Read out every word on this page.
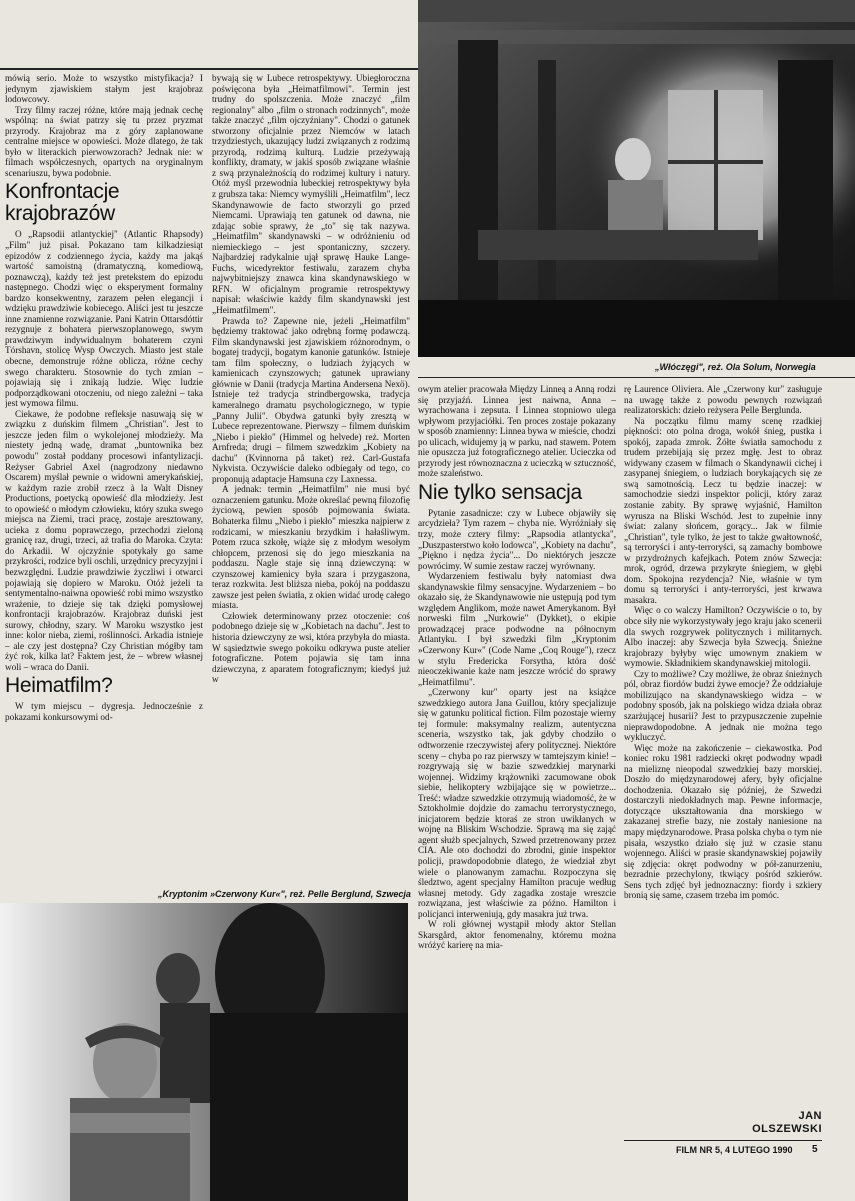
„Włóczęgi", reż. Ola Solum, Norwegia
„Kryptonim »Czerwony Kur«", reż. Pelle Berglund, Szwecja

mówią serio. Może to wszystko mistyfikacja? I jedynym zjawiskiem stałym jest krajobraz lodowcowy.

Trzy filmy raczej różne, które mają jednak cechę wspólną: na świat patrzy się tu przez pryzmat przyrody. Krajobraz ma z góry zaplanowane centralne miejsce w opowieści. Może dlatego, że tak było w literackich pierwowzorach? Jednak nie: w filmach współczesnych, opartych na oryginalnym scenariuszu, bywa podobnie.

Konfrontacje krajobrazów

O „Rapsodii atlantyckiej" (Atlantic Rhapsody) „Film" już pisał. Pokazano tam kilkadziesiąt epizodów z codziennego życia, każdy ma jakąś wartość samoistną (dramatyczną, komediową, poznawczą), każdy też jest pretekstem do epizodu następnego. Chodzi więc o eksperyment formalny bardzo konsekwentny, zarazem pełen elegancji i wdzięku prawdziwie kobiecego. Aliści jest tu jeszcze inne znamienne rozwiązanie. Pani Katrin Ottarsdóttir rezygnuje z bohatera pierwszoplanowego, swym prawdziwym indywidualnym bohaterem czyni Tórshavn, stolicę Wysp Owczych. Miasto jest stale obecne, demonstruje różne oblicza, różne cechy swego charakteru. Stosownie do tych zmian – pojawiają się i znikają ludzie. Więc ludzie podporządkowani otoczeniu, od niego zależni – taka jest wymowa filmu.

Ciekawe, że podobne refleksje nasuwają się w związku z duńskim filmem „Christian". Jest to jeszcze jeden film o wykolejonej młodzieży. Ma niestety jedną wadę, dramat „buntownika bez powodu" został poddany procesowi infantylizacji. Reżyser Gabriel Axel (nagrodzony niedawno Oscarem) myślał pewnie o widowni amerykańskiej, w każdym razie zrobił rzecz à la Walt Disney Productions, poetycką opowieść dla młodzieży. Jest to opowieść o młodym człowieku, który szuka swego miejsca na Ziemi, traci pracę, zostaje aresztowany, ucieka z domu poprawczego, przechodzi zieloną granicę raz, drugi, trzeci, aż trafia do Maroka. Czyta: do Arkadii. W ojczyźnie spotykały go same przykrości, rodzice byli oschli, urzędnicy precyzyjni i bezwzględni. Ludzie prawdziwie życzliwi i otwarci pojawiają się dopiero w Maroku. Otóż jeżeli ta sentymentalno-naiwna opowieść robi mimo wszystko wrażenie, to dzieje się tak dzięki pomysłowej konfrontacji krajobrazów. Krajobraz duński jest surowy, chłodny, szary. W Maroku wszystko jest inne: kolor nieba, ziemi, roślinności. Arkadia istnieje – ale czy jest dostępna? Czy Christian mógłby tam żyć rok, kilka lat? Faktem jest, że – wbrew własnej woli – wraca do Danii.

Heimatfilm?

W tym miejscu – dygresja. Jednocześnie z pokazami konkursowymi od-

bywają się w Lubece retrospektywy. Ubiegłoroczna poświęcona była „Heimatfilmowi". Termin jest trudny do spolszczenia. Może znaczyć „film regionalny" albo „film o stronach rodzinnych", może także znaczyć „film ojczyźniany". Chodzi o gatunek stworzony oficjalnie przez Niemców w latach trzydziestych, ukazujący ludzi związanych z rodzimą przyrodą, rodzimą kulturą. Ludzie przeżywają konflikty, dramaty, w jakiś sposób związane właśnie z swą przynależnością do rodzimej kultury i natury. Otóż myśl przewodnia lubeckiej retrospektywy była z grubsza taka: Niemcy wymyślili „Heimatfilm", lecz Skandynawowie de facto stworzyli go przed Niemcami. Uprawiają ten gatunek od dawna, nie zdając sobie sprawy, że „to" się tak nazywa. „Heimatfilm" skandynawski – w odróżnieniu od niemieckiego – jest spontaniczny, szczery. Najbardziej radykalnie ujął sprawę Hauke Lange-Fuchs, wicedyrektor festiwalu, zarazem chyba najwybitniejszy znawca kina skandynawskiego w RFN. W oficjalnym programie retrospektywy napisał: właściwie każdy film skandynawski jest „Heimatfilmem".

Prawda to? Zapewne nie, jeżeli „Heimatfilm" będziemy traktować jako odrębną formę podawczą. Film skandynawski jest zjawiskiem różnorodnym, o bogatej tradycji, bogatym kanonie gatunków. Istnieje tam film społeczny, o ludziach żyjących w kamienicach czynszowych; gatunek uprawiany głównie w Danii (tradycja Martina Andersena Nexö). Istnieje też tradycja strindbergowska, tradycja kameralnego dramatu psychologicznego, w typie „Panny Julii". Obydwa gatunki były zresztą w Lubece reprezentowane. Pierwszy – filmem duńskim „Niebo i piekło" (Himmel og helvede) reż. Morten Arnfreda; drugi – filmem szwedzkim „Kobiety na dachu" (Kvinnorna på taket) reż. Carl-Gustafa Nykvista. Oczywiście daleko odbiegały od tego, co proponują adaptacje Hamsuna czy Laxnessa.

A jednak: termin „Heimatfilm" nie musi być oznaczeniem gatunku. Może określać pewną filozofię życiową, pewien sposób pojmowania świata. Bohaterka filmu „Niebo i piekło" mieszka najpierw z rodzicami, w mieszkaniu brzydkim i hałaśliwym. Potem rzuca szkołę, wiąże się z młodym wesołym chłopcem, przenosi się do jego mieszkania na poddaszu. Nagle staje się inną dziewczyną: w czynszowej kamienicy była szara i przygaszona, teraz rozkwita. Jest bliższa nieba, pokój na poddaszu zawsze jest pełen światła, z okien widać urodę całego miasta.

Człowiek determinowany przez otoczenie: coś podobnego dzieje się w „Kobietach na dachu". Jest to historia dziewczyny ze wsi, która przybyła do miasta. W sąsiedztwie swego pokoiku odkrywa puste atelier fotograficzne. Potem pojawia się tam inna dziewczyna, z aparatem fotograficznym; kiedyś już w

owym atelier pracowała Między Linneą a Anną rodzi się przyjaźń. Linnea jest naiwna, Anna – wyrachowana i zepsuta. I Linnea stopniowo ulega wpływom przyjaciółki. Ten proces zostaje pokazany w sposób znamienny: Linnea bywa w mieście, chodzi po ulicach, widujemy ją w parku, nad stawem. Potem nie opuszcza już fotograficznego atelier. Ucieczka od przyrody jest równoznaczna z ucieczką w sztuczność, może szaleństwo.

Nie tylko sensacja

Pytanie zasadnicze: czy w Lubece objawiły się arcydzieła? Tym razem – chyba nie. Wyróżniały się trzy, może cztery filmy: „Rapsodia atlantycka", „Duszpasterstwo koło lodowca", „Kobiety na dachu", „Piękno i nędza życia"... Do niektórych jeszcze powrócimy. W sumie zestaw raczej wyrównany.

Wydarzeniem festiwalu były natomiast dwa skandynawskie filmy sensacyjne. Wydarzeniem – bo okazało się, że Skandynawowie nie ustępują pod tym względem Anglikom, może nawet Amerykanom. Był norweski film „Nurkowie" (Dykket), o ekipie prowadzącej prace podwodne na północnym Atlantyku. I był szwedzki film „Kryptonim »Czerwony Kur«" (Code Name „Coq Rouge"), rzecz w stylu Fredericka Forsytha, która dość nieoczekiwanie każe nam jeszcze wrócić do sprawy „Heimatfilmu".

„Czerwony kur" oparty jest na książce szwedzkiego autora Jana Guillou, który specjalizuje się w gatunku political fiction. Film pozostaje wierny tej formule: maksymalny realizm, autentyczna sceneria, wszystko tak, jak gdyby chodziło o odtworzenie rzeczywistej afery politycznej. Niektóre sceny – chyba po raz pierwszy w tamtejszym kinie! – rozgrywają się w bazie szwedzkiej marynarki wojennej. Widzimy krążowniki zacumowane obok siebie, helikoptery wzbijające się w powietrze... Treść: władze szwedzkie otrzymują wiadomość, że w Sztokholmie dojdzie do zamachu terrorystycznego, inicjatorem będzie ktoraś ze stron uwikłanych w wojnę na Bliskim Wschodzie. Sprawą ma się zająć agent służb specjalnych, Szwed przetrenowany przez CIA. Ale oto dochodzi do zbrodni, ginie inspektor policji, prawdopodobnie dlatego, że wiedział zbyt wiele o planowanym zamachu. Rozpoczyna się śledztwo, agent specjalny Hamilton pracuje według własnej metody. Gdy zagadka zostaje wreszcie rozwiązana, jest właściwie za późno. Hamilton i policjanci interweniują, gdy masakra już trwa.

W roli głównej wystąpił młody aktor Stellan Skarsgård, aktor fenomenalny, któremu można wróżyć karierę na mia-

rę Laurence Oliviera. Ale „Czerwony kur" zasługuje na uwagę także z powodu pewnych rozwiązań realizatorskich: dzieło reżysera Pelle Berglunda.

Na początku filmu mamy scenę rzadkiej piękności: oto polna droga, wokół śnieg, pustka i spokój, zapada zmrok. Żółte światła samochodu z trudem przebijają się przez mgłę. Jest to obraz widywany czasem w filmach o Skandynawii cichej i zasypanej śniegiem, o ludziach borykających się ze swą samotnością. Lecz tu będzie inaczej: w samochodzie siedzi inspektor policji, który zaraz zostanie zabity. By sprawę wyjaśnić, Hamilton wyrusza na Bliski Wschód. Jest to zupełnie inny świat: zalany słońcem, gorący... Jak w filmie „Christian", tyle tylko, że jest to także gwałtowność, są terroryści i anty-terroryści, są zamachy bombowe w przydrożnych kafejkach. Potem znów Szwecja: mrok, ogród, drzewa przykryte śniegiem, w głębi dom. Spokojna rezydencja? Nie, właśnie w tym domu są terroryści i anty-terroryści, jest krwawa masakra.

Więc o co walczy Hamilton? Oczywiście o to, by obce siły nie wykorzystywały jego kraju jako scenerii dla swych rozgrywek politycznych i militarnych. Albo inaczej: aby Szwecja była Szwecją. Śnieżne krajobrazy byłyby więc umownym znakiem w wymowie. Składnikiem skandynawskiej mitologii.

Czy to możliwe? Czy możliwe, że obraz śnieżnych pól, obraz fiordów budzi żywe emocje? Że oddziałuje mobilizująco na skandynawskiego widza – w podobny sposób, jak na polskiego widza działa obraz szarżującej husarii? Jest to przypuszczenie zupełnie nieprawdopodobne. A jednak nie można tego wykluczyć.

Więc może na zakończenie – ciekawostka. Pod koniec roku 1981 radziecki okręt podwodny wpadł na mieliznę nieopodal szwedzkiej bazy morskiej. Doszło do międzynarodowej afery, były oficjalne dochodzenia. Okazało się później, że Szwedzi dostarczyli niedokładnych map. Pewne informacje, dotyczące ukształtowania dna morskiego w zakazanej strefie bazy, nie zostały naniesione na mapy międzynarodowe. Prasa polska chyba o tym nie pisała, wszystko działo się już w czasie stanu wojennego. Aliści w prasie skandynawskiej pojawiły się zdjęcia: okręt podwodny w pół-zanurzeniu, bezradnie przechylony, tkwiący pośród szkierów. Sens tych zdjęć był jednoznaczny: fiordy i szkiery bronią się same, czasem trzeba im pomóc.

JAN
OLSZEWSKI
FILM NR 5, 4 LUTEGO 1990 5
